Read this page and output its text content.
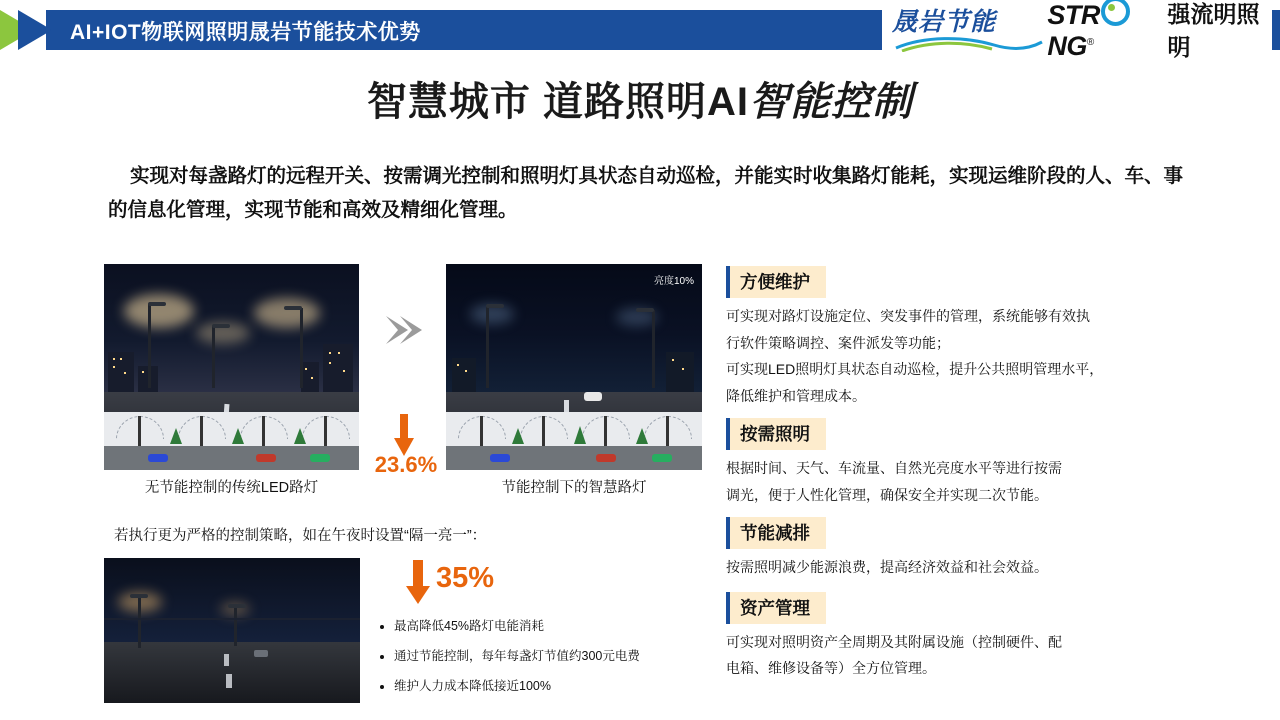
AI+IOT物联网照明晟岩节能技术优势	晟岩节能 STRNG®
强流明照明
智慧城市 道路照明AI智能控制
实现对每盏路灯的远程开关、按需调光控制和照明灯具状态自动巡检，并能实时收集路灯能耗，实现运维阶段的人、车、事的信息化管理，实现节能和高效及精细化管理。
亮度10%
23.6%
无节能控制的传统LED路灯	节能控制下的智慧路灯
若执行更为严格的控制策略，如在午夜时设置“隔一亮一”：
35%
• 最高降低45%路灯电能消耗
• 通过节能控制，每年每盏灯节值约300元电费
• 维护人力成本降低接近100%
方便维护

可实现对路灯设施定位、突发事件的管理，系统能够有效执

行软件策略调控、案件派发等功能；

可实现LED照明灯具状态自动巡检，提升公共照明管理水平，

降低维护和管理成本。

按需照明

根据时间、天气、车流量、自然光亮度水平等进行按需

调光，便于人性化管理，确保安全并实现二次节能。

节能减排

按需照明减少能源浪费，提高经济效益和社会效益。

资产管理

可实现对照明资产全周期及其附属设施（控制硬件、配

电箱、维修设备等）全方位管理。
